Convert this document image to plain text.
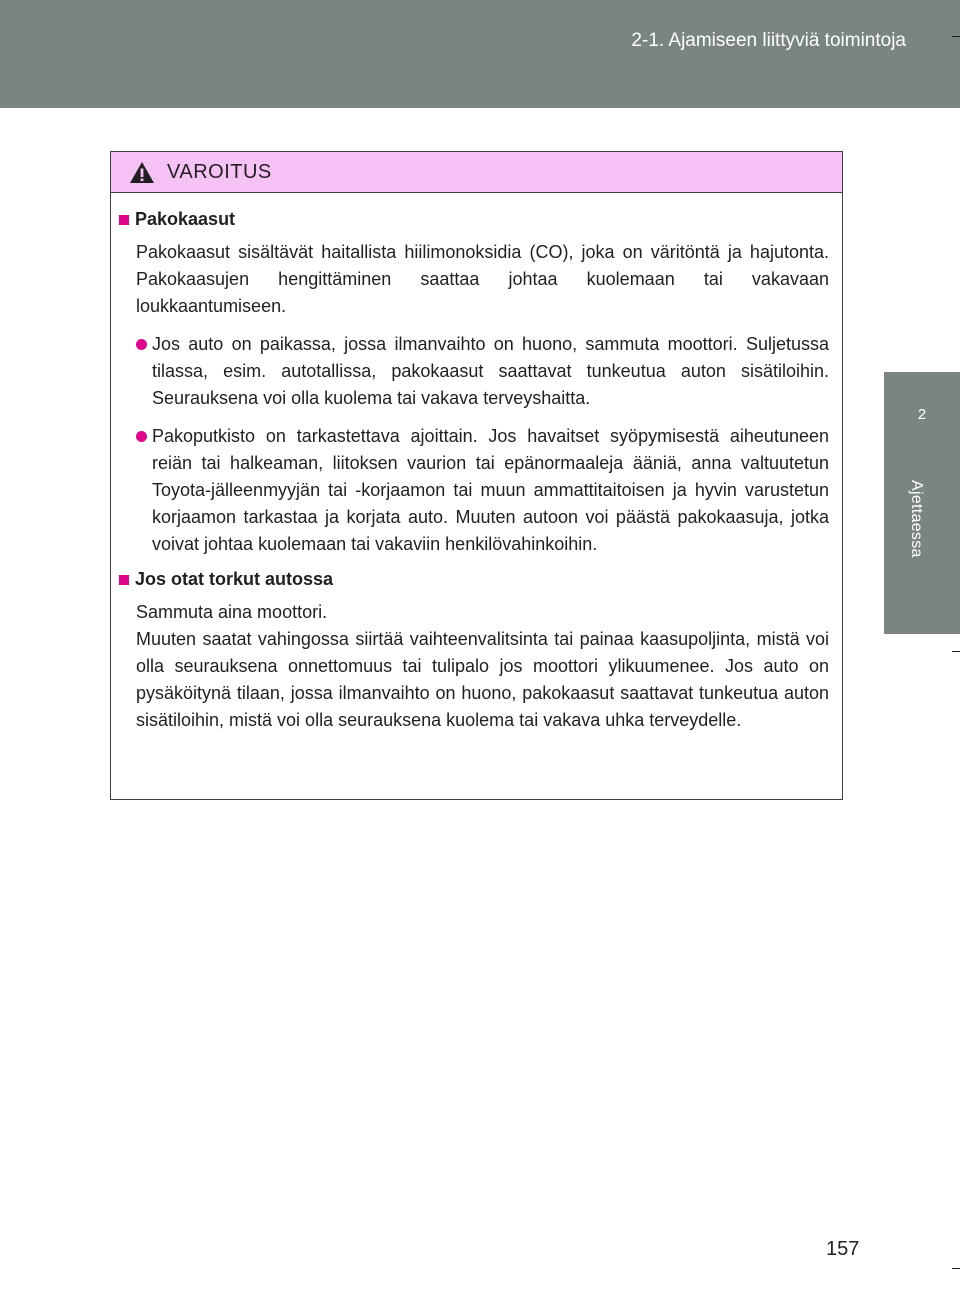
2-1. Ajamiseen liittyviä toimintoja
2
Ajettaessa
VAROITUS
Pakokaasut
Pakokaasut sisältävät haitallista hiilimonoksidia (CO), joka on väritöntä ja hajutonta. Pakokaasujen hengittäminen saattaa johtaa kuolemaan tai vakavaan loukkaantumiseen.
Jos auto on paikassa, jossa ilmanvaihto on huono, sammuta moottori. Suljetussa tilassa, esim. autotallissa, pakokaasut saattavat tunkeutua auton sisätiloihin. Seurauksena voi olla kuolema tai vakava terveyshaitta.
Pakoputkisto on tarkastettava ajoittain. Jos havaitset syöpymisestä aiheutuneen reiän tai halkeaman, liitoksen vaurion tai epänormaaleja ääniä, anna valtuutetun Toyota-jälleenmyyjän tai -korjaamon tai muun ammattitaitoisen ja hyvin varustetun korjaamon tarkastaa ja korjata auto. Muuten autoon voi päästä pakokaasuja, jotka voivat johtaa kuolemaan tai vakaviin henkilövahinkoihin.
Jos otat torkut autossa
Sammuta aina moottori.
Muuten saatat vahingossa siirtää vaihteenvalitsinta tai painaa kaasupoljinta, mistä voi olla seurauksena onnettomuus tai tulipalo jos moottori ylikuumenee. Jos auto on pysäköitynä tilaan, jossa ilmanvaihto on huono, pakokaasut saattavat tunkeutua auton sisätiloihin, mistä voi olla seurauksena kuolema tai vakava uhka terveydelle.
157
